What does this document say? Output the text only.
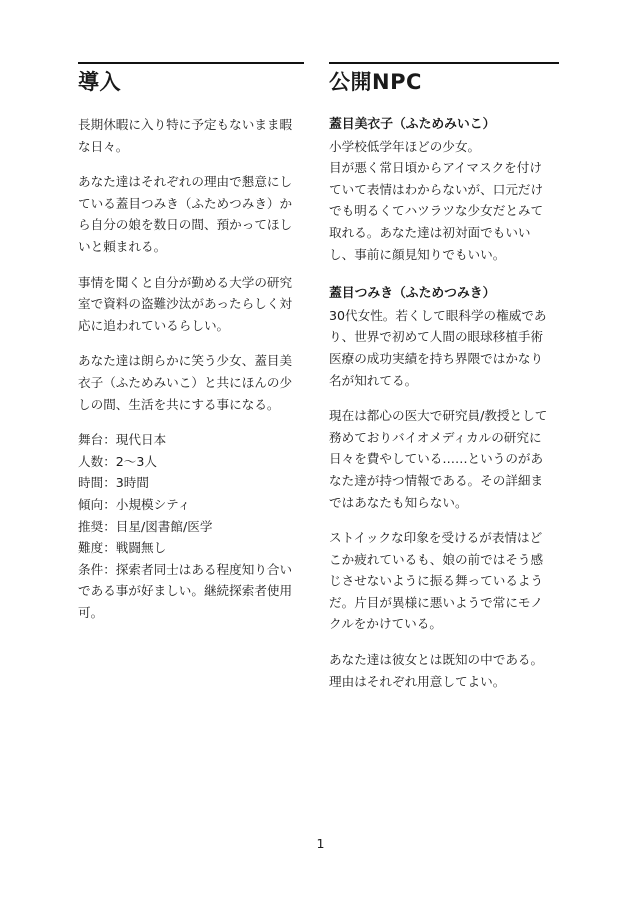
導入

長期休暇に入り特に予定もないまま暇
な日々。

あなた達はそれぞれの理由で懇意にし
ている蓋目つみき（ふためつみき）か
ら自分の娘を数日の間、預かってほし
いと頼まれる。

事情を聞くと自分が勤める大学の研究
室で資料の盗難沙汰があったらしく対
応に追われているらしい。

あなた達は朗らかに笑う少女、蓋目美
衣子（ふためみいこ）と共にほんの少
しの間、生活を共にする事になる。

舞台：現代日本
人数：2〜3人
時間：3時間
傾向：小規模シティ
推奨：目星/図書館/医学
難度：戦闘無し
条件：探索者同士はある程度知り合い
である事が好ましい。継続探索者使用
可。
公開NPC

蓋目美衣子（ふためみいこ）

小学校低学年ほどの少女。
目が悪く常日頃からアイマスクを付け
ていて表情はわからないが、口元だけ
でも明るくてハツラツな少女だとみて
取れる。あなた達は初対面でもいい
し、事前に顔見知りでもいい。

蓋目つみき（ふためつみき）

30代女性。若くして眼科学の権威であ
り、世界で初めて人間の眼球移植手術
医療の成功実績を持ち界隈ではかなり
名が知れてる。

現在は都心の医大で研究員/教授として
務めておりバイオメディカルの研究に
日々を費やしている……というのがあ
なた達が持つ情報である。その詳細ま
ではあなたも知らない。

ストイックな印象を受けるが表情はど
こか疲れているも、娘の前ではそう感
じさせないように振る舞っているよう
だ。片目が異様に悪いようで常にモノ
クルをかけている。

あなた達は彼女とは既知の中である。
理由はそれぞれ用意してよい。

1
